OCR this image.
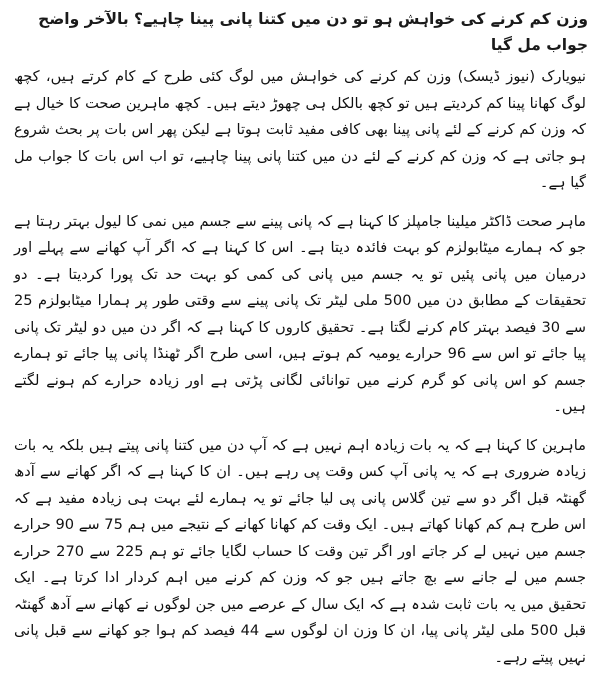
وزن کم کرنے کی خواہش ہو تو دن میں کتنا پانی پینا چاہیے؟ بالآخر واضح جواب مل گیا

نیویارک (نیوز ڈیسک) وزن کم کرنے کی خواہش میں لوگ کئی طرح کے کام کرتے ہیں، کچھ لوگ کھانا پینا کم کردیتے ہیں تو کچھ بالکل ہی چھوڑ دیتے ہیں۔ کچھ ماہرین صحت کا خیال ہے کہ وزن کم کرنے کے لئے پانی پینا بھی کافی مفید ثابت ہوتا ہے لیکن پھر اس بات پر بحث شروع ہو جاتی ہے کہ وزن کم کرنے کے لئے دن میں کتنا پانی پینا چاہیے، تو اب اس بات کا جواب مل گیا ہے۔

ماہر صحت ڈاکٹر میلینا جامپلز کا کہنا ہے کہ پانی پینے سے جسم میں نمی کا لیول بہتر رہتا ہے جو کہ ہمارے میٹابولزم کو بہت فائدہ دیتا ہے۔ اس کا کہنا ہے کہ اگر آپ کھانے سے پہلے اور درمیان میں پانی پئیں تو یہ جسم میں پانی کی کمی کو بہت حد تک پورا کردیتا ہے۔ دو تحقیقات کے مطابق دن میں 500 ملی لیٹر تک پانی پینے سے وقتی طور پر ہمارا میٹابولزم 25 سے 30 فیصد بہتر کام کرنے لگتا ہے۔ تحقیق کاروں کا کہنا ہے کہ اگر دن میں دو لیٹر تک پانی پیا جائے تو اس سے 96 حرارے یومیہ کم ہوتے ہیں، اسی طرح اگر ٹھنڈا پانی پیا جائے تو ہمارے جسم کو اس پانی کو گرم کرنے میں توانائی لگانی پڑتی ہے اور زیادہ حرارے کم ہونے لگتے ہیں۔

ماہرین کا کہنا ہے کہ یہ بات زیادہ اہم نہیں ہے کہ آپ دن میں کتنا پانی پیتے ہیں بلکہ یہ بات زیادہ ضروری ہے کہ یہ پانی آپ کس وقت پی رہے ہیں۔ ان کا کہنا ہے کہ اگر کھانے سے آدھ گھنٹہ قبل اگر دو سے تین گلاس پانی پی لیا جائے تو یہ ہمارے لئے بہت ہی زیادہ مفید ہے کہ اس طرح ہم کم کھانا کھاتے ہیں۔ ایک وقت کم کھانا کھانے کے نتیجے میں ہم 75 سے 90 حرارے جسم میں نہیں لے کر جاتے اور اگر تین وقت کا حساب لگایا جائے تو ہم 225 سے 270 حرارے جسم میں لے جانے سے بچ جاتے ہیں جو کہ وزن کم کرنے میں اہم کردار ادا کرتا ہے۔ ایک تحقیق میں یہ بات ثابت شدہ ہے کہ ایک سال کے عرصے میں جن لوگوں نے کھانے سے آدھ گھنٹہ قبل 500 ملی لیٹر پانی پیا، ان کا وزن ان لوگوں سے 44 فیصد کم ہوا جو کھانے سے قبل پانی نہیں پیتے رہے۔
